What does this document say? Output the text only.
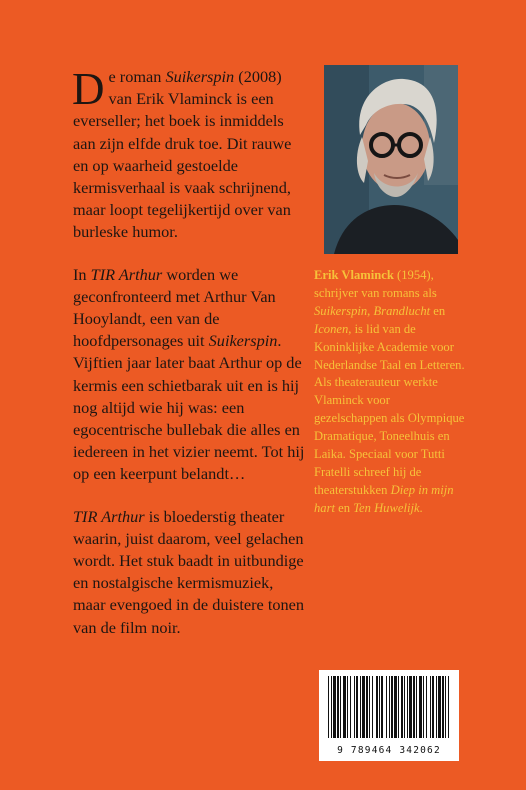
De roman Suikerspin (2008) van Erik Vlaminck is een everseller; het boek is inmiddels aan zijn elfde druk toe. Dit rauwe en op waarheid gestoelde kermisverhaal is vaak schrijnend, maar loopt tegelijkertijd over van burleske humor.

In TIR Arthur worden we geconfronteerd met Arthur Van Hooylandt, een van de hoofdpersonages uit Suikerspin. Vijftien jaar later baat Arthur op de kermis een schietbarak uit en is hij nog altijd wie hij was: een egocentrische bullebak die alles en iedereen in het vizier neemt. Tot hij op een keerpunt belandt…

TIR Arthur is bloederstig theater waarin, juist daarom, veel gelachen wordt. Het stuk baadt in uitbundige en nostalgische kermismuziek, maar evengoed in de duistere tonen van de film noir.

Erik Vlaminck (1954), schrijver van romans als Suikerspin, Brandlucht en Iconen, is lid van de Koninklijke Academie voor Nederlandse Taal en Letteren.

Als theaterauteur werkte Vlaminck voor gezelschappen als Olympique Dramatique, Toneelhuis en Laika. Speciaal voor Tutti Fratelli schreef hij de theaterstukken Diep in mijn hart en Ten Huwelijk.

9 789464 342062
